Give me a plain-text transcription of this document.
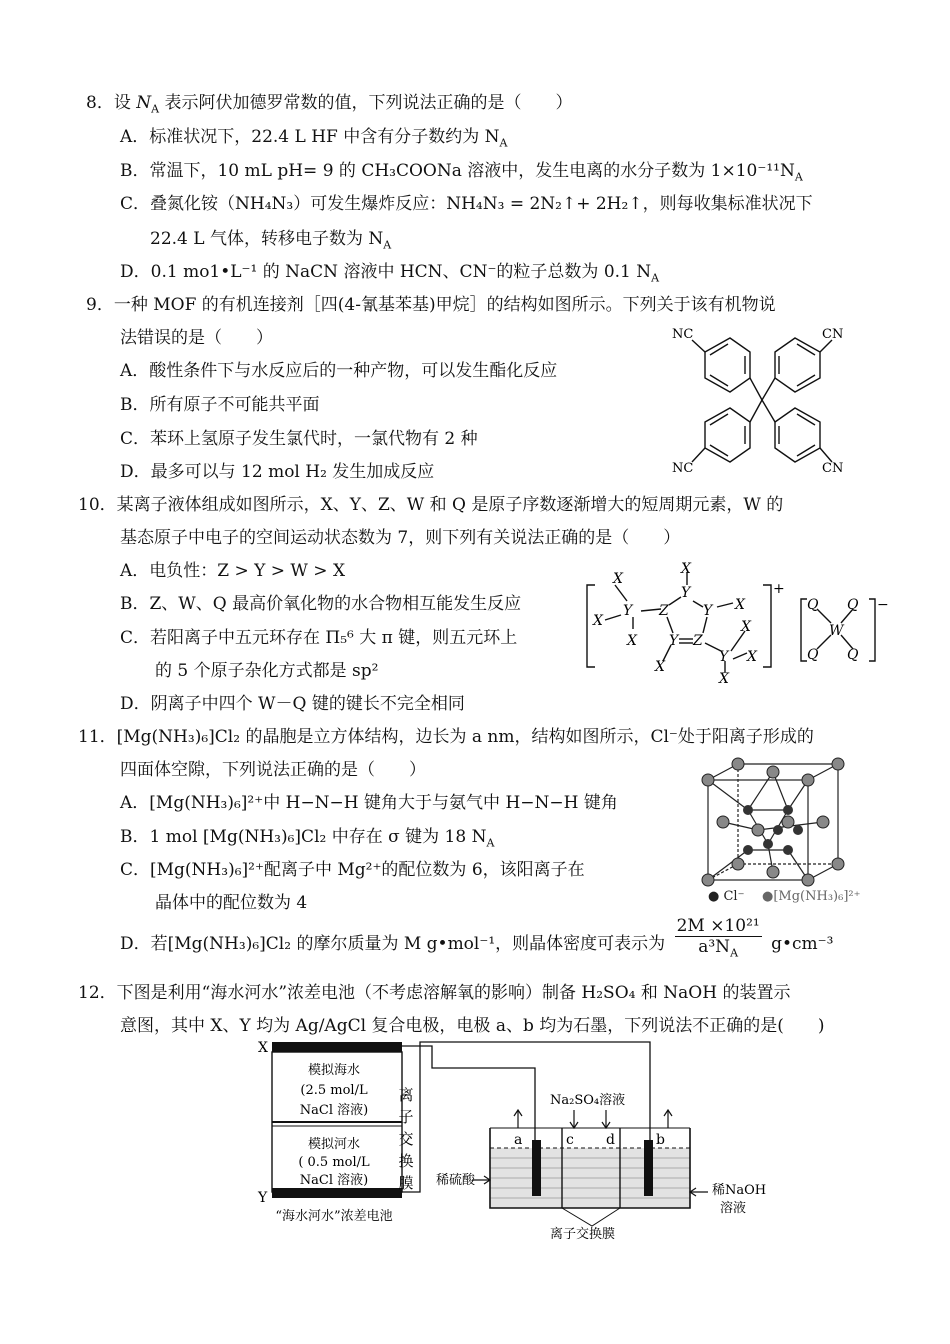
8．设 $N_A$ 表示阿伏加德罗常数的值，下列说法正确的是（　　）
A．标准状况下，22.4 L HF 中含有分子数约为 $N_A$
B．常温下，10 mL pH= 9 的 CH₃COONa 溶液中，发生电离的水分子数为 $1\times 10^{-11}N_A$
C．叠氮化铵（NH₄N₃）可发生爆炸反应：NH₄N₃ = 2N₂↑+ 2H₂↑，则每收集标准状况下
22.4 L 气体，转移电子数为 $N_A$
D．0.1 mo1•L⁻¹ 的 NaCN 溶液中 HCN、CN⁻的粒子总数为 0.1 $N_A$
9．一种 MOF 的有机连接剂［四(4-氰基苯基)甲烷］的结构如图所示。下列关于该有机物说
法错误的是（　　）
A．酸性条件下与水反应后的一种产物，可以发生酯化反应
B．所有原子不可能共平面
C．苯环上氢原子发生氯代时，一氯代物有 2 种
D．最多可以与 12 mol H₂ 发生加成反应
NC	CN
NC	CN
10．某离子液体组成如图所示，X、Y、Z、W 和 Q 是原子序数逐渐增大的短周期元素，W 的
基态原子中电子的空间运动状态数为 7，则下列有关说法正确的是（　　）
A．电负性：Z > Y > W > X
B．Z、W、Q 最高价氧化物的水合物相互能发生反应
C．若阳离子中五元环存在 Π₅⁶ 大 π 键，则五元环上
的 5 个原子杂化方式都是 sp²
D．阴离子中四个 W－Q 键的键长不完全相同
X
Y
X
X
Z
X
Y
Y X
Y Z
X
Y X
X
X
Q Q
W
Q Q
+
−
11．[Mg(NH₃)₆]Cl₂ 的晶胞是立方体结构，边长为 a nm，结构如图所示，Cl⁻处于阳离子形成的
四面体空隙，下列说法正确的是（　　）
A．[Mg(NH₃)₆]²⁺中 H−N−H 键角大于与氨气中 H−N−H 键角
B．1 mol [Mg(NH₃)₆]Cl₂ 中存在 σ 键为 18 $N_A$
C．[Mg(NH₃)₆]²⁺配离子中 Mg²⁺的配位数为 6，该阳离子在
晶体中的配位数为 4
D．若[Mg(NH₃)₆]Cl₂ 的摩尔质量为 M g•mol⁻¹，则晶体密度可表示为 $\frac{\text{2M ×10²¹}}{a^3N_A}$ g•cm⁻³
● Cl⁻ ●[Mg(NH₃)₆]²⁺
12．下图是利用“海水河水”浓差电池（不考虑溶解氧的影响）制备 H₂SO₄ 和 NaOH 的装置示
意图，其中 X、Y 均为 Ag/AgCl 复合电极，电极 a、b 均为石墨，下列说法不正确的是(　　)
X
Y
模拟海水
(2.5 mol/L
NaCl 溶液)
模拟河水
( 0.5 mol/L
NaCl 溶液)
“海水河水”浓差电池
离
子
交
换
膜
a	c d	b
Na₂SO₄溶液
稀硫酸
稀NaOH
溶液
离子交换膜
